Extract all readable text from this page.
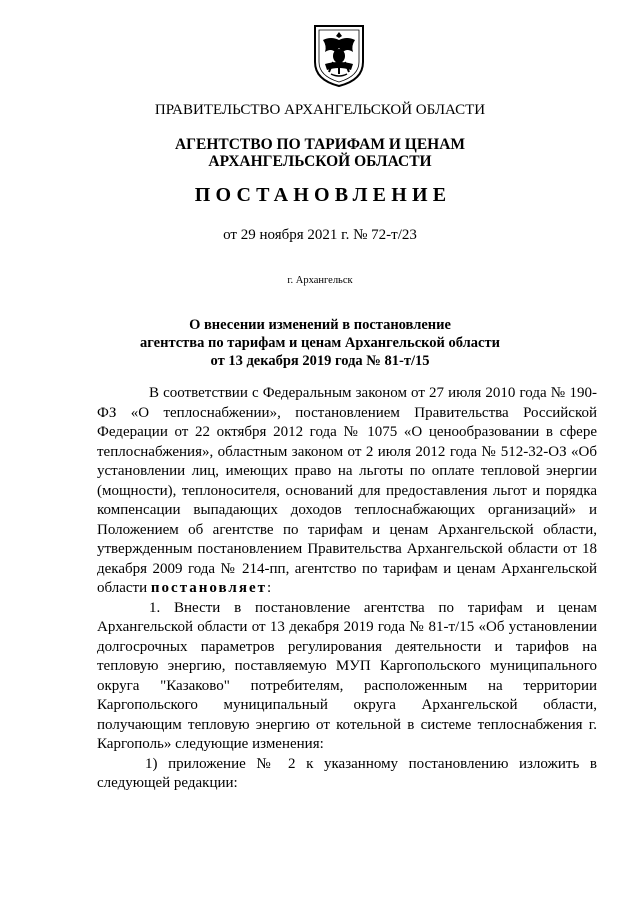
ПРАВИТЕЛЬСТВО АРХАНГЕЛЬСКОЙ ОБЛАСТИ
АГЕНТСТВО ПО ТАРИФАМ И ЦЕНАМ
АРХАНГЕЛЬСКОЙ ОБЛАСТИ
ПОСТАНОВЛЕНИЕ
от 29 ноября 2021 г. № 72-т/23
г. Архангельск
О внесении изменений в постановление
агентства по тарифам и ценам Архангельской области
от 13 декабря 2019 года № 81-т/15

В соответствии с Федеральным законом от 27 июля 2010 года № 190-ФЗ «О теплоснабжении», постановлением Правительства Российской Федерации от 22 октября 2012 года № 1075 «О ценообразовании в сфере теплоснабжения», областным законом от 2 июля 2012 года № 512-32-ОЗ «Об установлении лиц, имеющих право на льготы по оплате тепловой энергии (мощности), теплоносителя, оснований для предоставления льгот и порядка компенсации выпадающих доходов теплоснабжающих организаций» и Положением об агентстве по тарифам и ценам Архангельской области, утвержденным постановлением Правительства Архангельской области от 18 декабря 2009 года № 214-пп, агентство по тарифам и ценам Архангельской области постановляет:

1. Внести в постановление агентства по тарифам и ценам Архангельской области от 13 декабря 2019 года № 81-т/15 «Об установлении долгосрочных параметров регулирования деятельности и тарифов на тепловую энергию, поставляемую МУП Каргопольского муниципального округа "Казаково" потребителям, расположенным на территории Каргопольского муниципальный округа Архангельской области, получающим тепловую энергию от котельной в системе теплоснабжения г. Каргополь» следующие изменения:

1) приложение № 2 к указанному постановлению изложить в следующей редакции:
